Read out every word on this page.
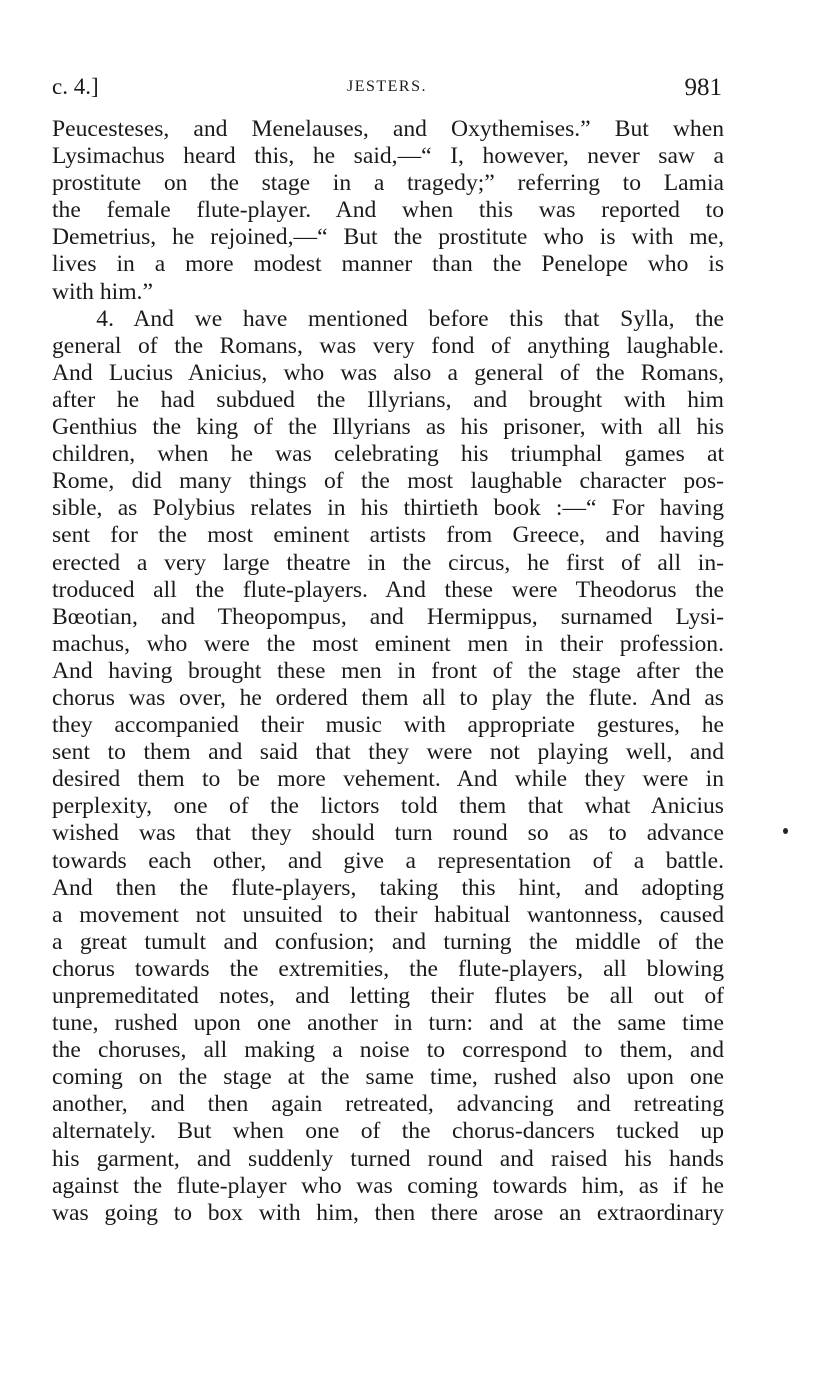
c. 4.]	JESTERS.	981
Peucesteses, and Menelauses, and Oxythemises.” But when
Lysimachus heard this, he said,—“ I, however, never saw a
prostitute on the stage in a tragedy;” referring to Lamia
the female flute-player. And when this was reported to
Demetrius, he rejoined,—“ But the prostitute who is with me,
lives in a more modest manner than the Penelope who is
with him.”
  4. And we have mentioned before this that Sylla, the
general of the Romans, was very fond of anything laughable.
And Lucius Anicius, who was also a general of the Romans,
after he had subdued the Illyrians, and brought with him
Genthius the king of the Illyrians as his prisoner, with all his
children, when he was celebrating his triumphal games at
Rome, did many things of the most laughable character pos-
sible, as Polybius relates in his thirtieth book :—“ For having
sent for the most eminent artists from Greece, and having
erected a very large theatre in the circus, he first of all in-
troduced all the flute-players. And these were Theodorus the
Bœotian, and Theopompus, and Hermippus, surnamed Lysi-
machus, who were the most eminent men in their profession.
And having brought these men in front of the stage after the
chorus was over, he ordered them all to play the flute. And as
they accompanied their music with appropriate gestures, he
sent to them and said that they were not playing well, and
desired them to be more vehement. And while they were in
perplexity, one of the lictors told them that what Anicius
wished was that they should turn round so as to advance
towards each other, and give a representation of a battle.
And then the flute-players, taking this hint, and adopting
a movement not unsuited to their habitual wantonness, caused
a great tumult and confusion; and turning the middle of the
chorus towards the extremities, the flute-players, all blowing
unpremeditated notes, and letting their flutes be all out of
tune, rushed upon one another in turn: and at the same time
the choruses, all making a noise to correspond to them, and
coming on the stage at the same time, rushed also upon one
another, and then again retreated, advancing and retreating
alternately. But when one of the chorus-dancers tucked up
his garment, and suddenly turned round and raised his hands
against the flute-player who was coming towards him, as if he
was going to box with him, then there arose an extraordinary
